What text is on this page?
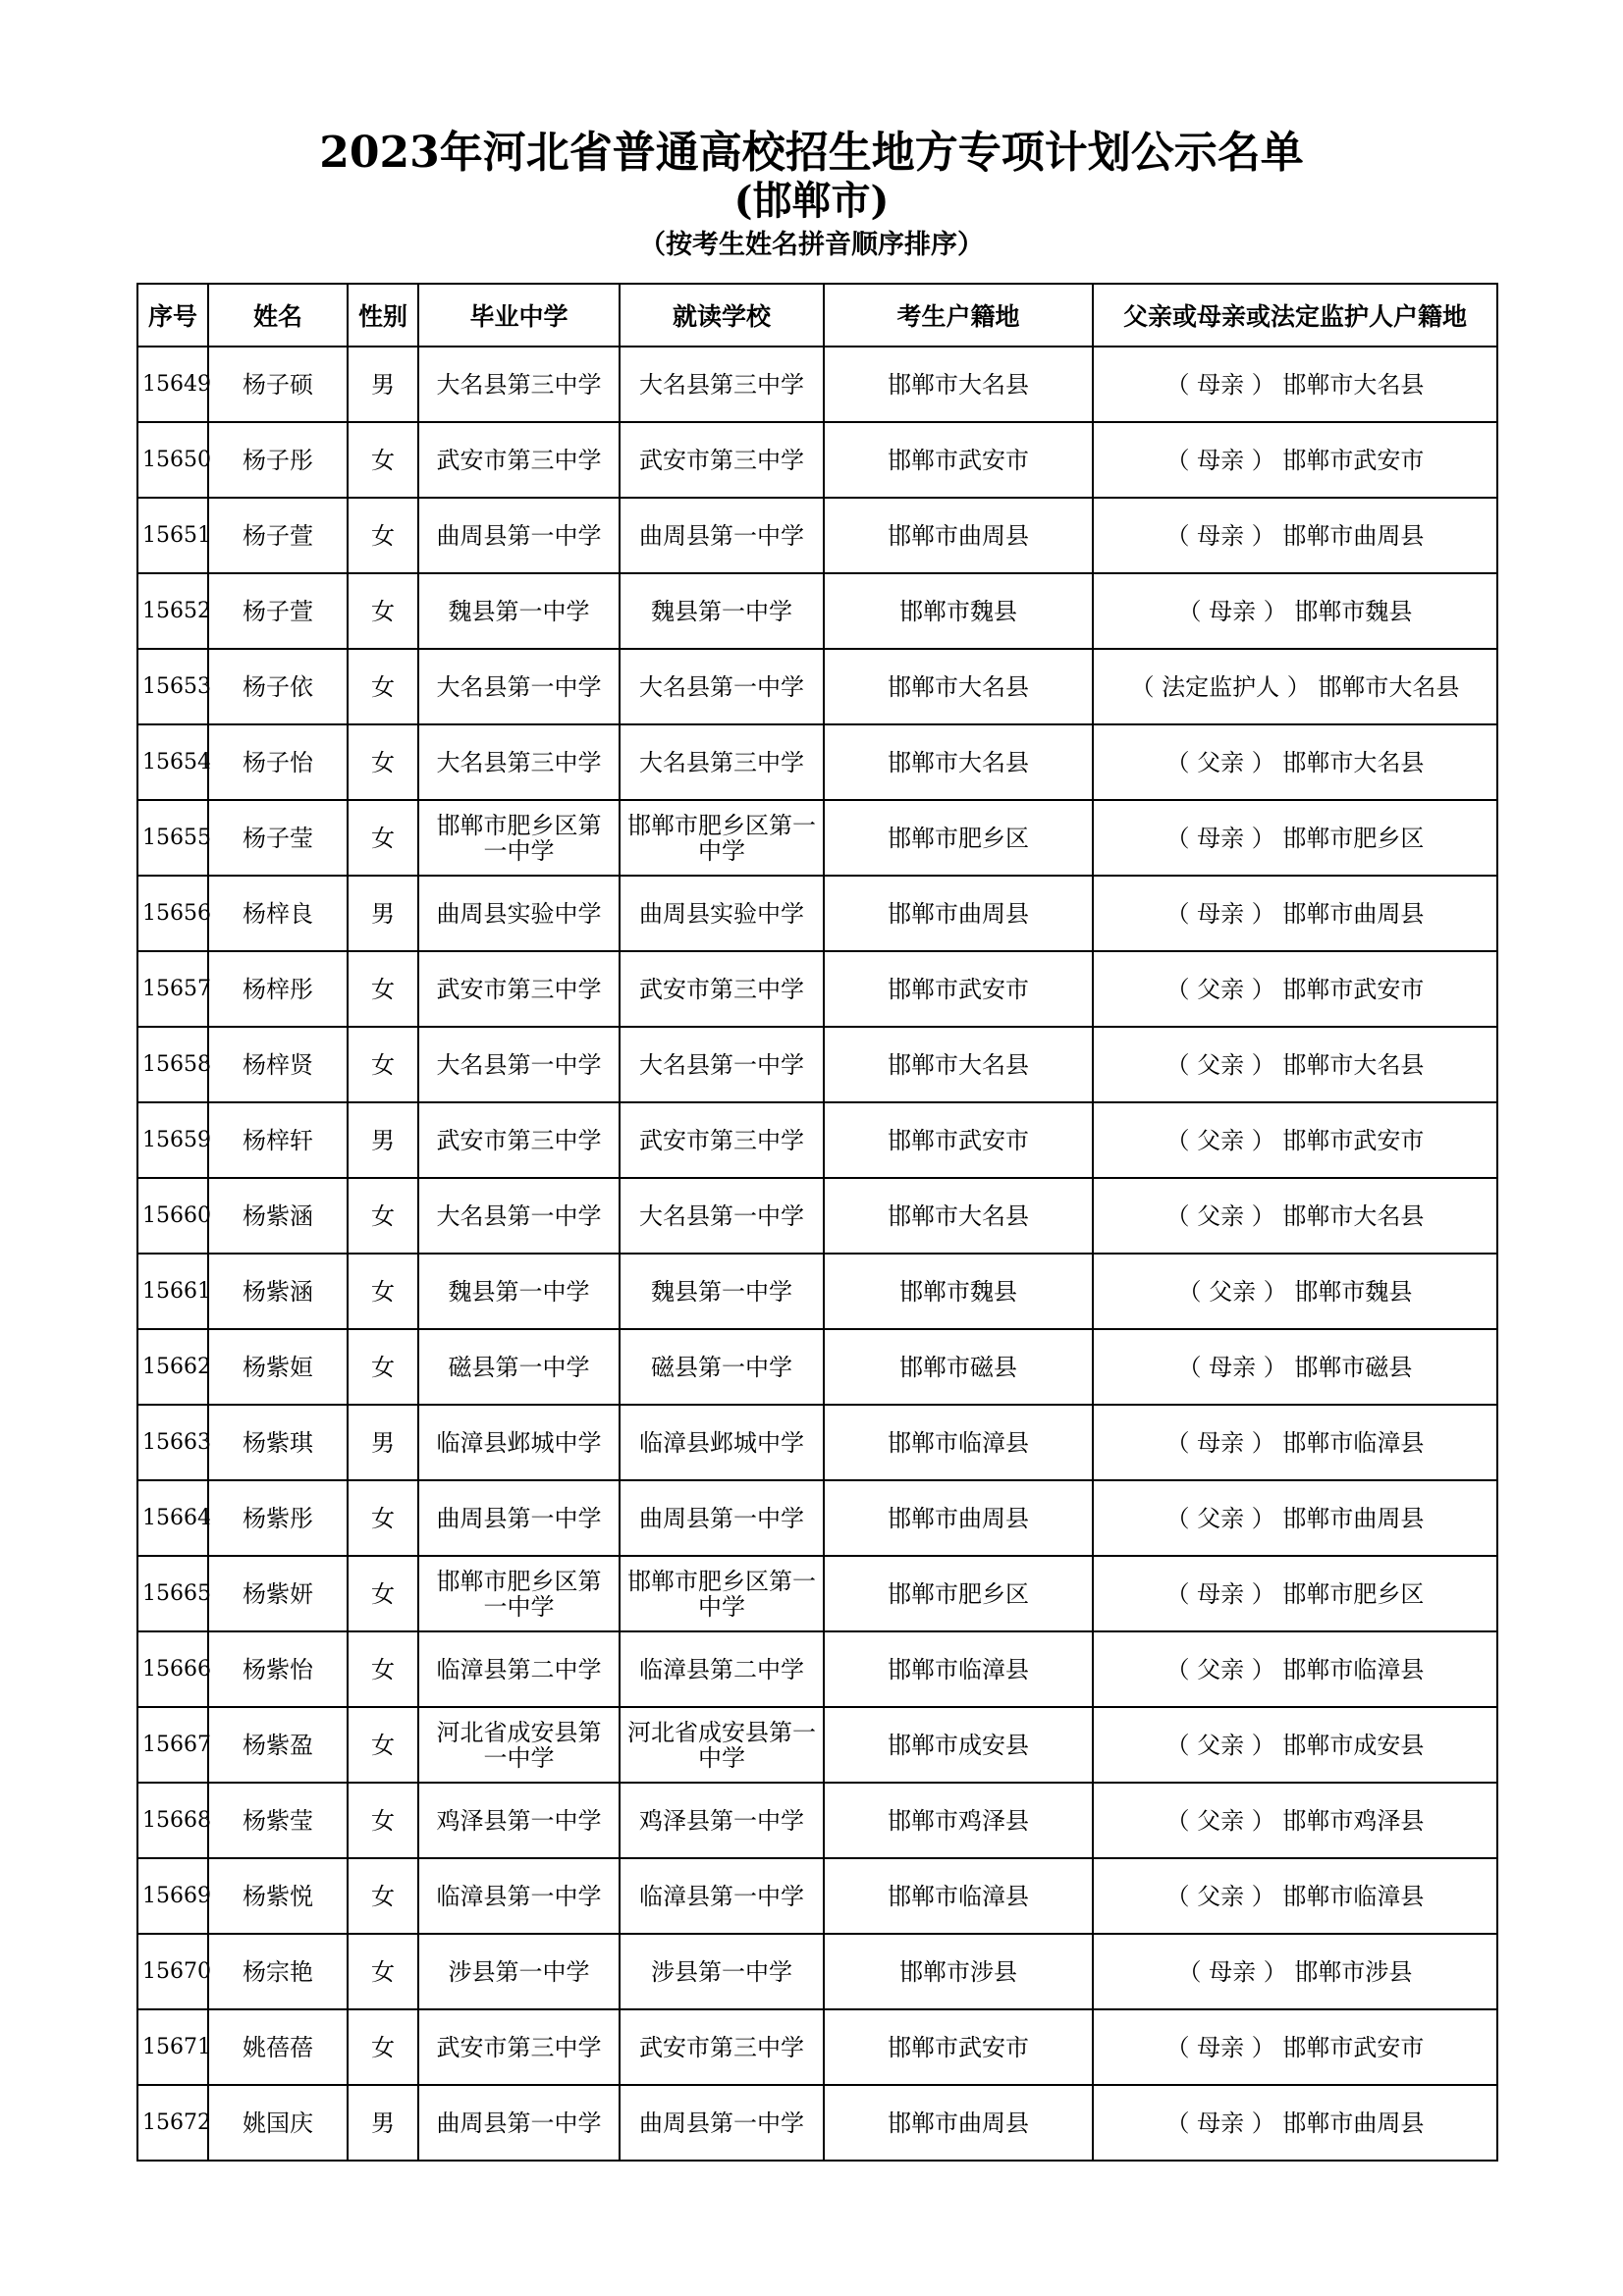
2023年河北省普通高校招生地方专项计划公示名单
(邯郸市)
（按考生姓名拼音顺序排序）
序号	姓名	性别	毕业中学	就读学校	考生户籍地	父亲或母亲或法定监护人户籍地
15649	杨子硕	男	大名县第三中学	大名县第三中学	邯郸市大名县	（ 母亲 ） 邯郸市大名县
15650	杨子彤	女	武安市第三中学	武安市第三中学	邯郸市武安市	（ 母亲 ） 邯郸市武安市
15651	杨子萱	女	曲周县第一中学	曲周县第一中学	邯郸市曲周县	（ 母亲 ） 邯郸市曲周县
15652	杨子萱	女	魏县第一中学	魏县第一中学	邯郸市魏县	（ 母亲 ） 邯郸市魏县
15653	杨子依	女	大名县第一中学	大名县第一中学	邯郸市大名县	（ 法定监护人 ） 邯郸市大名县
15654	杨子怡	女	大名县第三中学	大名县第三中学	邯郸市大名县	（ 父亲 ） 邯郸市大名县
15655	杨子莹	女	邯郸市肥乡区第一中学	邯郸市肥乡区第一中学	邯郸市肥乡区	（ 母亲 ） 邯郸市肥乡区
15656	杨梓良	男	曲周县实验中学	曲周县实验中学	邯郸市曲周县	（ 母亲 ） 邯郸市曲周县
15657	杨梓彤	女	武安市第三中学	武安市第三中学	邯郸市武安市	（ 父亲 ） 邯郸市武安市
15658	杨梓贤	女	大名县第一中学	大名县第一中学	邯郸市大名县	（ 父亲 ） 邯郸市大名县
15659	杨梓轩	男	武安市第三中学	武安市第三中学	邯郸市武安市	（ 父亲 ） 邯郸市武安市
15660	杨紫涵	女	大名县第一中学	大名县第一中学	邯郸市大名县	（ 父亲 ） 邯郸市大名县
15661	杨紫涵	女	魏县第一中学	魏县第一中学	邯郸市魏县	（ 父亲 ） 邯郸市魏县
15662	杨紫姮	女	磁县第一中学	磁县第一中学	邯郸市磁县	（ 母亲 ） 邯郸市磁县
15663	杨紫琪	男	临漳县邺城中学	临漳县邺城中学	邯郸市临漳县	（ 母亲 ） 邯郸市临漳县
15664	杨紫彤	女	曲周县第一中学	曲周县第一中学	邯郸市曲周县	（ 父亲 ） 邯郸市曲周县
15665	杨紫妍	女	邯郸市肥乡区第一中学	邯郸市肥乡区第一中学	邯郸市肥乡区	（ 母亲 ） 邯郸市肥乡区
15666	杨紫怡	女	临漳县第二中学	临漳县第二中学	邯郸市临漳县	（ 父亲 ） 邯郸市临漳县
15667	杨紫盈	女	河北省成安县第一中学	河北省成安县第一中学	邯郸市成安县	（ 父亲 ） 邯郸市成安县
15668	杨紫莹	女	鸡泽县第一中学	鸡泽县第一中学	邯郸市鸡泽县	（ 父亲 ） 邯郸市鸡泽县
15669	杨紫悦	女	临漳县第一中学	临漳县第一中学	邯郸市临漳县	（ 父亲 ） 邯郸市临漳县
15670	杨宗艳	女	涉县第一中学	涉县第一中学	邯郸市涉县	（ 母亲 ） 邯郸市涉县
15671	姚蓓蓓	女	武安市第三中学	武安市第三中学	邯郸市武安市	（ 母亲 ） 邯郸市武安市
15672	姚国庆	男	曲周县第一中学	曲周县第一中学	邯郸市曲周县	（ 母亲 ） 邯郸市曲周县
